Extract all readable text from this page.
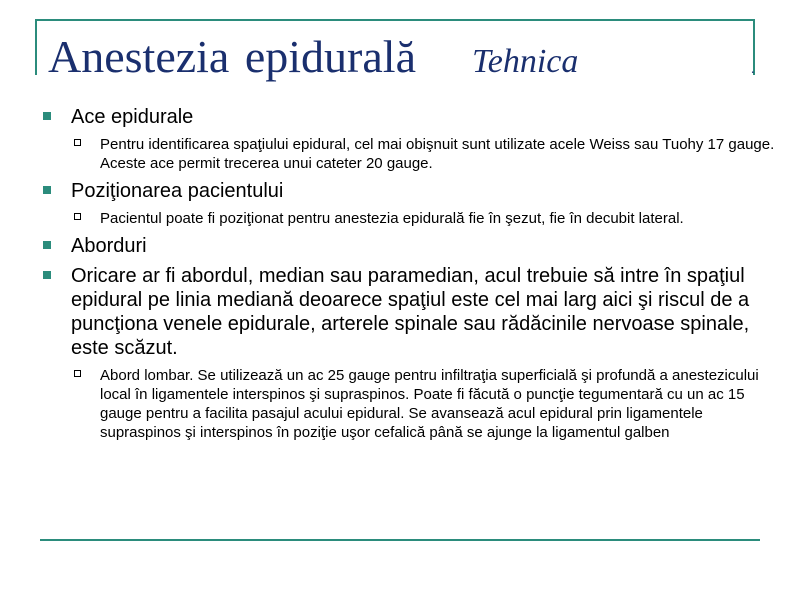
Anestezia epidurală Tehnica	.
Ace epidurale
Pentru identificarea spaţiului epidural, cel mai obişnuit sunt utilizate acele Weiss sau Tuohy 17 gauge. Aceste ace permit trecerea unui cateter 20 gauge.
Poziţionarea pacientului
Pacientul poate fi poziţionat pentru anestezia epidurală fie în şezut, fie în decubit lateral.
Aborduri
Oricare ar fi abordul, median sau paramedian, acul trebuie să intre în spaţiul epidural pe linia mediană deoarece spaţiul este cel mai larg aici şi riscul de a puncţiona venele epidurale, arterele spinale sau rădăcinile nervoase spinale, este scăzut.
Abord lombar. Se utilizează un ac 25 gauge pentru infiltraţia superficială şi profundă a anestezicului local în ligamentele interspinos şi supraspinos. Poate fi făcută o puncţie tegumentară cu un ac 15 gauge pentru a facilita pasajul acului epidural. Se avansează acul epidural prin ligamentele supraspinos şi interspinos în poziţie uşor cefalică până se ajunge la ligamentul galben
